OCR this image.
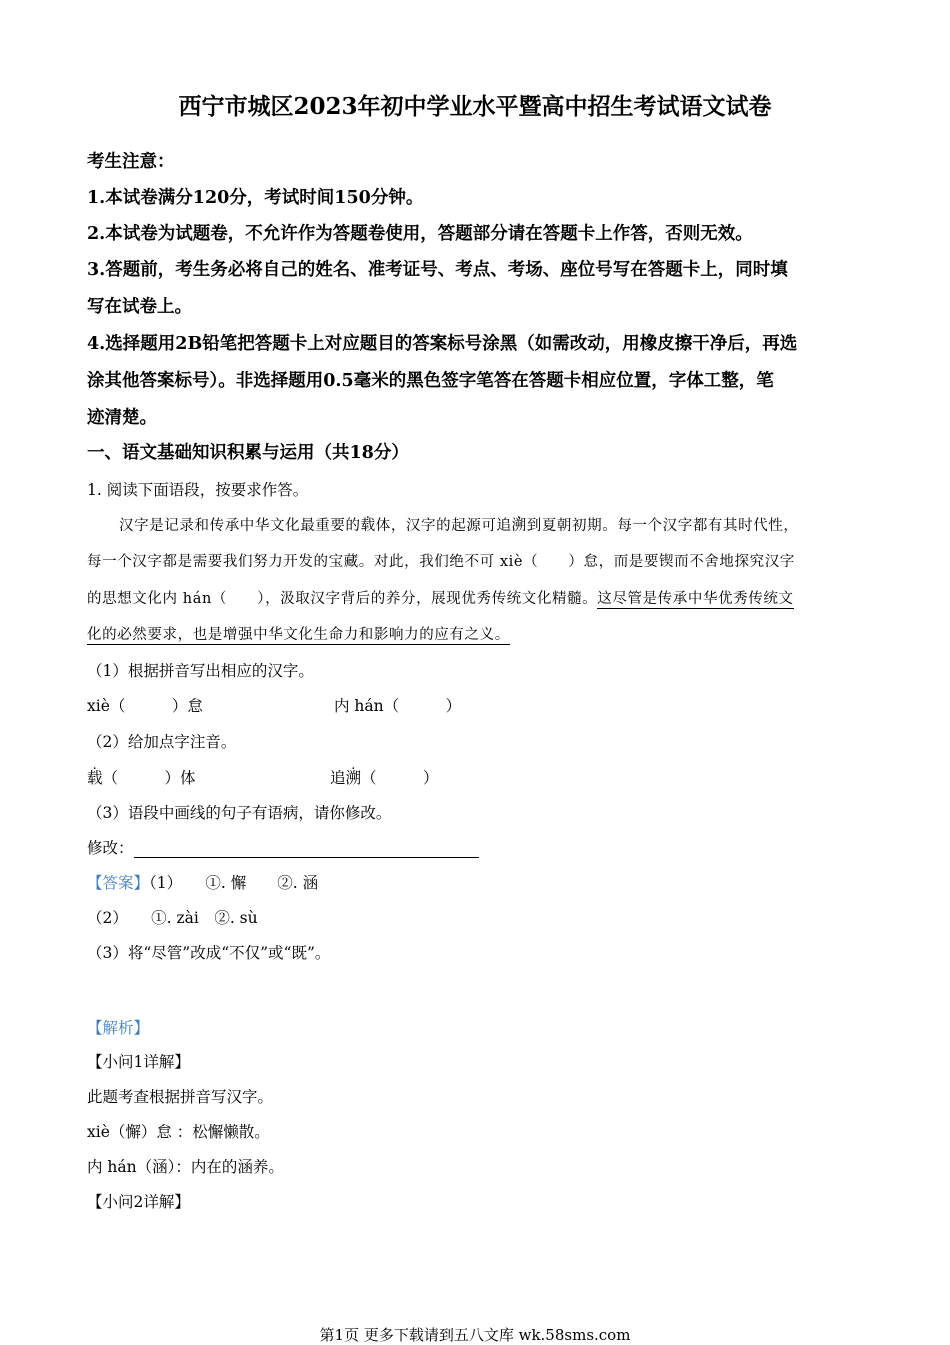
西宁市城区2023年初中学业水平暨高中招生考试语文试卷
考生注意：
1.本试卷满分120分，考试时间150分钟。
2.本试卷为试题卷，不允许作为答题卷使用，答题部分请在答题卡上作答，否则无效。
3.答题前，考生务必将自己的姓名、准考证号、考点、考场、座位号写在答题卡上，同时填
写在试卷上。
4.选择题用2B铅笔把答题卡上对应题目的答案标号涂黑（如需改动，用橡皮擦干净后，再选
涂其他答案标号）。非选择题用0.5毫米的黑色签字笔答在答题卡相应位置，字体工整，笔
迹清楚。
一、语文基础知识积累与运用（共18分）
1. 阅读下面语段，按要求作答。
汉字是记录和传承中华文化最重要的载体，汉字的起源可追溯到夏朝初期。每一个汉字都有其时代性，
每一个汉字都是需要我们努力开发的宝藏。对此，我们绝不可 xiè（　　）怠，而是要锲而不舍地探究汉字
的思想文化内 hán（　　），汲取汉字背后的养分，展现优秀传统文化精髓。这尽管是传承中华优秀传统文
化的必然要求，也是增强中华文化生命力和影响力的应有之义。
（1）根据拼音写出相应的汉字。
xiè（　　　）怠	内 hán（　　　）
（2）给加点字注音。
载（　　　）体	追溯（　　　）
（3）语段中画线的句子有语病，请你修改。
修改：
【答案】（1）　　①. 懈　　②. 涵
（2）　　①. zài　②. sù
（3）将“尽管”改成“不仅”或“既”。
【解析】
【小问1详解】
此题考查根据拼音写汉字。
xiè（懈）怠 ：松懈懒散。
内 hán（涵）：内在的涵养。
【小问2详解】
第1页 更多下载请到五八文库 wk.58sms.com
